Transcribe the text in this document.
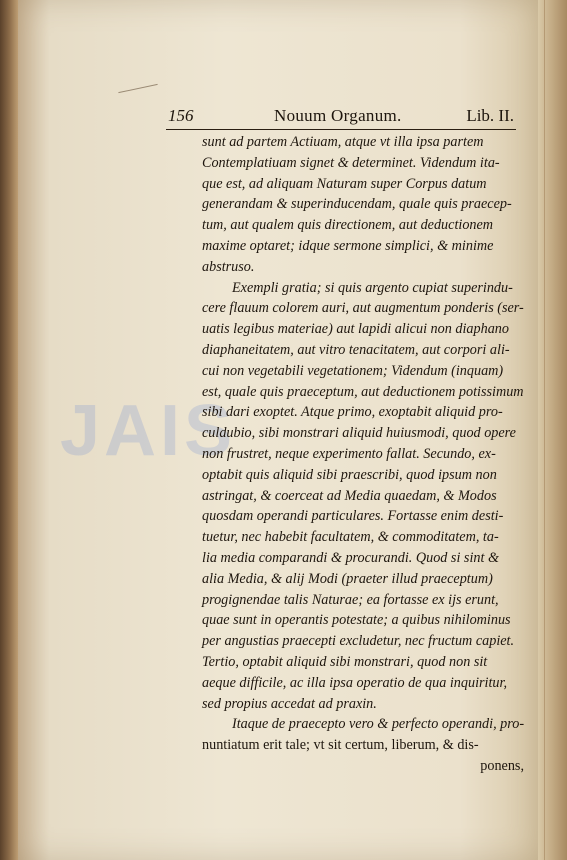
156	Nouum Organum.	Lib. II.
JAIS
sunt ad partem Actiuam, atque vt illa ipsa partem
Contemplatiuam signet & determinet. Videndum ita-
que est, ad aliquam Naturam super Corpus datum
generandam & superinducendam, quale quis praecep-
tum, aut qualem quis directionem, aut deductionem
maxime optaret; idque sermone simplici, & minime
abstruso.
Exempli gratia; si quis argento cupiat superindu-
cere flauum colorem auri, aut augmentum ponderis (ser-
uatis legibus materiae) aut lapidi alicui non diaphano
diaphaneitatem, aut vitro tenacitatem, aut corpori ali-
cui non vegetabili vegetationem; Videndum (inquam)
est, quale quis praeceptum, aut deductionem potissimum
sibi dari exoptet. Atque primo, exoptabit aliquid pro-
culdubio, sibi monstrari aliquid huiusmodi, quod opere
non frustret, neque experimento fallat. Secundo, ex-
optabit quis aliquid sibi praescribi, quod ipsum non
astringat, & coerceat ad Media quaedam, & Modos
quosdam operandi particulares. Fortasse enim desti-
tuetur, nec habebit facultatem, & commoditatem, ta-
lia media comparandi & procurandi. Quod si sint &
alia Media, & alij Modi (praeter illud praeceptum)
progignendae talis Naturae; ea fortasse ex ijs erunt,
quae sunt in operantis potestate; a quibus nihilominus
per angustias praecepti excludetur, nec fructum capiet.
Tertio, optabit aliquid sibi monstrari, quod non sit
aeque difficile, ac illa ipsa operatio de qua inquiritur,
sed propius accedat ad praxin.
Itaque de praecepto vero & perfecto operandi, pro-
nuntiatum erit tale; vt sit certum, liberum, & dis-
ponens,
